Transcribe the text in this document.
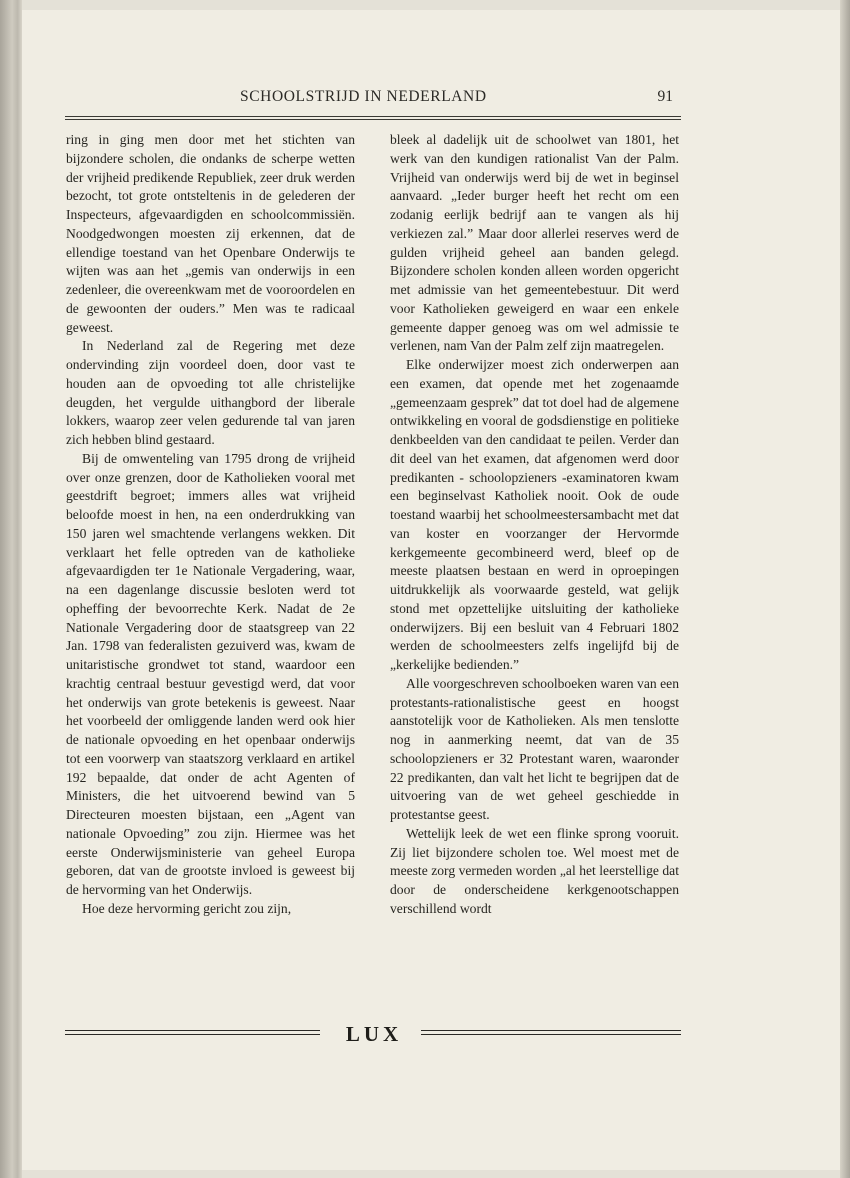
SCHOOLSTRIJD IN NEDERLAND	91

ring in ging men door met het stichten van bijzondere scholen, die ondanks de scherpe wetten der vrijheid predikende Republiek, zeer druk werden bezocht, tot grote ontsteltenis in de gelederen der Inspecteurs, afgevaardigden en schoolcommissiën. Noodgedwongen moesten zij erkennen, dat de ellendige toestand van het Openbare Onderwijs te wijten was aan het „gemis van onderwijs in een zedenleer, die overeenkwam met de vooroordelen en de gewoonten der ouders.” Men was te radicaal geweest.

In Nederland zal de Regering met deze ondervinding zijn voordeel doen, door vast te houden aan de opvoeding tot alle christelijke deugden, het vergulde uithangbord der liberale lokkers, waarop zeer velen gedurende tal van jaren zich hebben blind gestaard.

Bij de omwenteling van 1795 drong de vrijheid over onze grenzen, door de Katholieken vooral met geestdrift begroet; immers alles wat vrijheid beloofde moest in hen, na een onderdrukking van 150 jaren wel smachtende verlangens wekken. Dit verklaart het felle optreden van de katholieke afgevaardigden ter 1e Nationale Vergadering, waar, na een dagenlange discussie besloten werd tot opheffing der bevoorrechte Kerk. Nadat de 2e Nationale Vergadering door de staatsgreep van 22 Jan. 1798 van federalisten gezuiverd was, kwam de unitaristische grondwet tot stand, waardoor een krachtig centraal bestuur gevestigd werd, dat voor het onderwijs van grote betekenis is geweest. Naar het voorbeeld der omliggende landen werd ook hier de nationale opvoeding en het openbaar onderwijs tot een voorwerp van staatszorg verklaard en artikel 192 bepaalde, dat onder de acht Agenten of Ministers, die het uitvoerend bewind van 5 Directeuren moesten bijstaan, een „Agent van nationale Opvoeding” zou zijn. Hiermee was het eerste Onderwijsministerie van geheel Europa geboren, dat van de grootste invloed is geweest bij de hervorming van het Onderwijs.

Hoe deze hervorming gericht zou zijn,

bleek al dadelijk uit de schoolwet van 1801, het werk van den kundigen rationalist Van der Palm. Vrijheid van onderwijs werd bij de wet in beginsel aanvaard. „Ieder burger heeft het recht om een zodanig eerlijk bedrijf aan te vangen als hij verkiezen zal.” Maar door allerlei reserves werd de gulden vrijheid geheel aan banden gelegd. Bijzondere scholen konden alleen worden opgericht met admissie van het gemeentebestuur. Dit werd voor Katholieken geweigerd en waar een enkele gemeente dapper genoeg was om wel admissie te verlenen, nam Van der Palm zelf zijn maatregelen.

Elke onderwijzer moest zich onderwerpen aan een examen, dat opende met het zogenaamde „gemeenzaam gesprek” dat tot doel had de algemene ontwikkeling en vooral de godsdienstige en politieke denkbeelden van den candidaat te peilen. Verder dan dit deel van het examen, dat afgenomen werd door predikanten - schoolopzieners -examinatoren kwam een beginselvast Katholiek nooit. Ook de oude toestand waarbij het schoolmeestersambacht met dat van koster en voorzanger der Hervormde kerkgemeente gecombineerd werd, bleef op de meeste plaatsen bestaan en werd in oproepingen uitdrukkelijk als voorwaarde gesteld, wat gelijk stond met opzettelijke uitsluiting der katholieke onderwijzers. Bij een besluit van 4 Februari 1802 werden de schoolmeesters zelfs ingelijfd bij de „kerkelijke bedienden.”

Alle voorgeschreven schoolboeken waren van een protestants-rationalistische geest en hoogst aanstotelijk voor de Katholieken. Als men tenslotte nog in aanmerking neemt, dat van de 35 schoolopzieners er 32 Protestant waren, waaronder 22 predikanten, dan valt het licht te begrijpen dat de uitvoering van de wet geheel geschiedde in protestantse geest.

Wettelijk leek de wet een flinke sprong vooruit. Zij liet bijzondere scholen toe. Wel moest met de meeste zorg vermeden worden „al het leerstellige dat door de onderscheidene kerkgenootschappen verschillend wordt

LUX
